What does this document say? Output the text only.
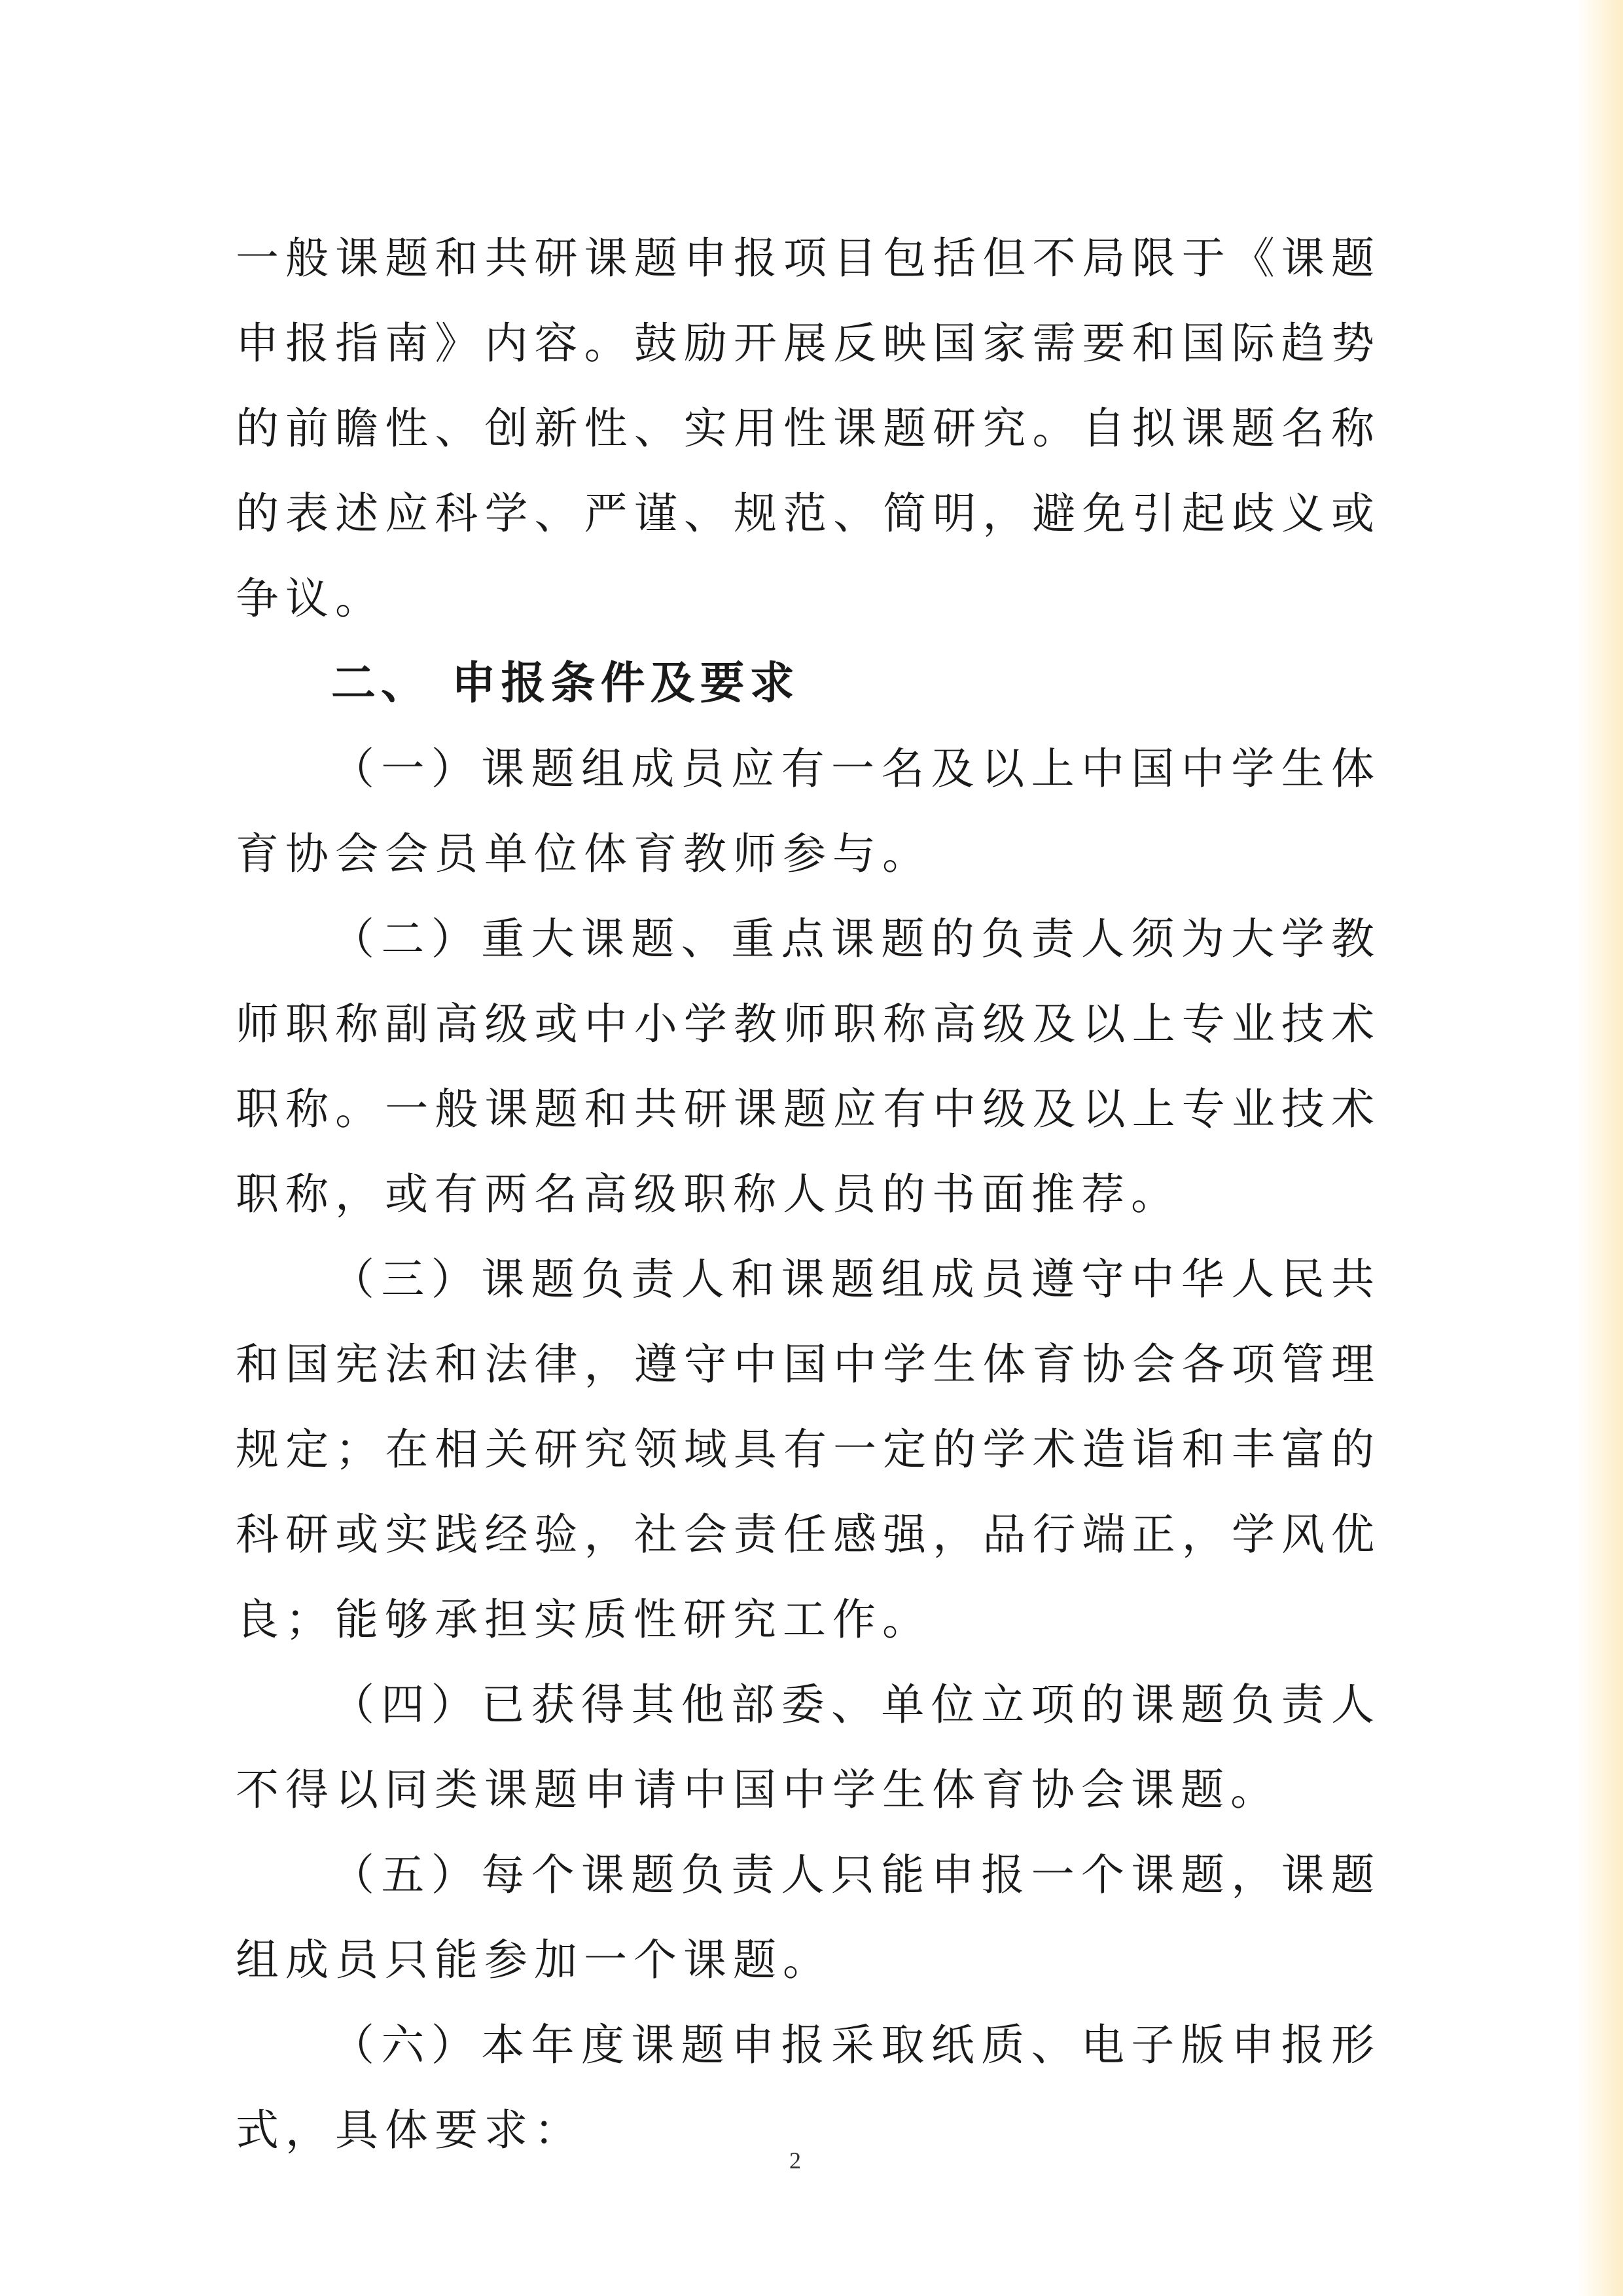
一般课题和共研课题申报项目包括但不局限于《课题申报指南》内容。鼓励开展反映国家需要和国际趋势的前瞻性、创新性、实用性课题研究。自拟课题名称的表述应科学、严谨、规范、简明，避免引起歧义或争议。

二、 申报条件及要求

（一）课题组成员应有一名及以上中国中学生体育协会会员单位体育教师参与。

（二）重大课题、重点课题的负责人须为大学教师职称副高级或中小学教师职称高级及以上专业技术职称。一般课题和共研课题应有中级及以上专业技术职称，或有两名高级职称人员的书面推荐。

（三）课题负责人和课题组成员遵守中华人民共和国宪法和法律，遵守中国中学生体育协会各项管理规定；在相关研究领域具有一定的学术造诣和丰富的科研或实践经验，社会责任感强，品行端正，学风优良；能够承担实质性研究工作。

（四）已获得其他部委、单位立项的课题负责人不得以同类课题申请中国中学生体育协会课题。

（五）每个课题负责人只能申报一个课题，课题组成员只能参加一个课题。

（六）本年度课题申报采取纸质、电子版申报形式，具体要求：

2
